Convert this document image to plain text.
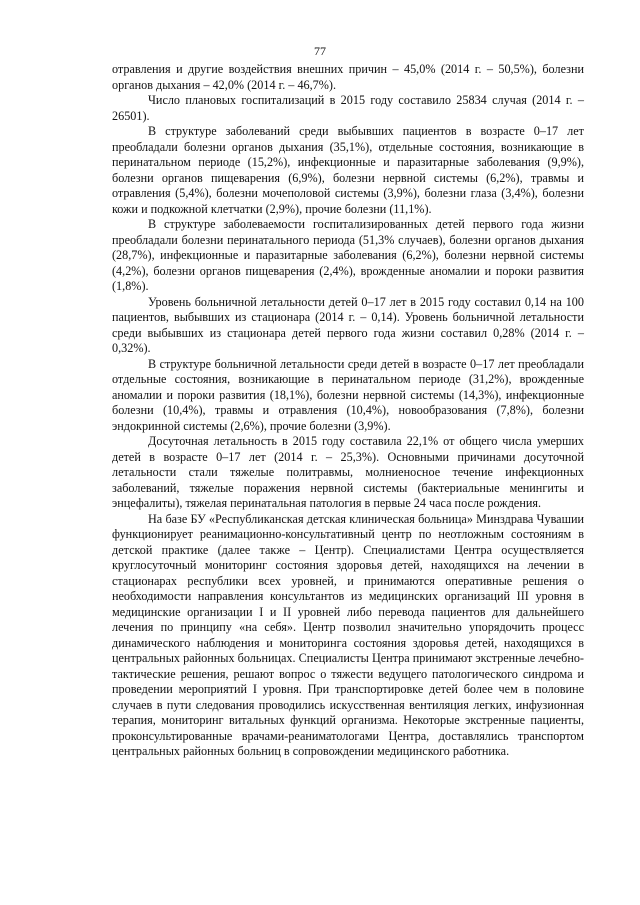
77

отравления и другие воздействия внешних причин – 45,0% (2014 г. – 50,5%), болезни органов дыхания – 42,0% (2014 г. – 46,7%).

Число плановых госпитализаций в 2015 году составило 25834 случая (2014 г. – 26501).

В структуре заболеваний среди выбывших пациентов в возрасте 0–17 лет преобладали болезни органов дыхания (35,1%), отдельные состояния, возникающие в перинатальном периоде (15,2%), инфекционные и паразитарные заболевания (9,9%), болезни органов пищеварения (6,9%), болезни нервной системы (6,2%), травмы и отравления (5,4%), болезни мочеполовой системы (3,9%), болезни глаза (3,4%), болезни кожи и подкожной клетчатки (2,9%), прочие болезни (11,1%).

В структуре заболеваемости госпитализированных детей первого года жизни преобладали болезни перинатального периода (51,3% случаев), болезни органов дыхания (28,7%), инфекционные и паразитарные заболевания (6,2%), болезни нервной системы (4,2%), болезни органов пищеварения (2,4%), врожденные аномалии и пороки развития (1,8%).

Уровень больничной летальности детей 0–17 лет в 2015 году составил 0,14 на 100 пациентов, выбывших из стационара (2014 г. – 0,14). Уровень больничной летальности среди выбывших из стационара детей первого года жизни составил 0,28% (2014 г. – 0,32%).

В структуре больничной летальности среди детей в возрасте 0–17 лет преобладали отдельные состояния, возникающие в перинатальном периоде (31,2%), врожденные аномалии и пороки развития (18,1%), болезни нервной системы (14,3%), инфекционные болезни (10,4%), травмы и отравления (10,4%), новообразования (7,8%), болезни эндокринной системы (2,6%), прочие болезни (3,9%).

Досуточная летальность в 2015 году составила 22,1% от общего числа умерших детей в возрасте 0–17 лет (2014 г. – 25,3%). Основными причинами досуточной летальности стали тяжелые политравмы, молниеносное течение инфекционных заболеваний, тяжелые поражения нервной системы (бактериальные менингиты и энцефалиты), тяжелая перинатальная патология в первые 24 часа после рождения.

На базе БУ «Республиканская детская клиническая больница» Минздрава Чувашии функционирует реанимационно-консультативный центр по неотложным состояниям в детской практике (далее также – Центр). Специалистами Центра осуществляется круглосуточный мониторинг состояния здоровья детей, находящихся на лечении в стационарах республики всех уровней, и принимаются оперативные решения о необходимости направления консультантов из медицинских организаций III уровня в медицинские организации I и II уровней либо перевода пациентов для дальнейшего лечения по принципу «на себя». Центр позволил значительно упорядочить процесс динамического наблюдения и мониторинга состояния здоровья детей, находящихся в центральных районных больницах. Специалисты Центра принимают экстренные лечебно-тактические решения, решают вопрос о тяжести ведущего патологического синдрома и проведении мероприятий I уровня. При транспортировке детей более чем в половине случаев в пути следования проводились искусственная вентиляция легких, инфузионная терапия, мониторинг витальных функций организма. Некоторые экстренные пациенты, проконсультированные врачами-реаниматологами Центра, доставлялись транспортом центральных районных больниц в сопровождении медицинского работника.
